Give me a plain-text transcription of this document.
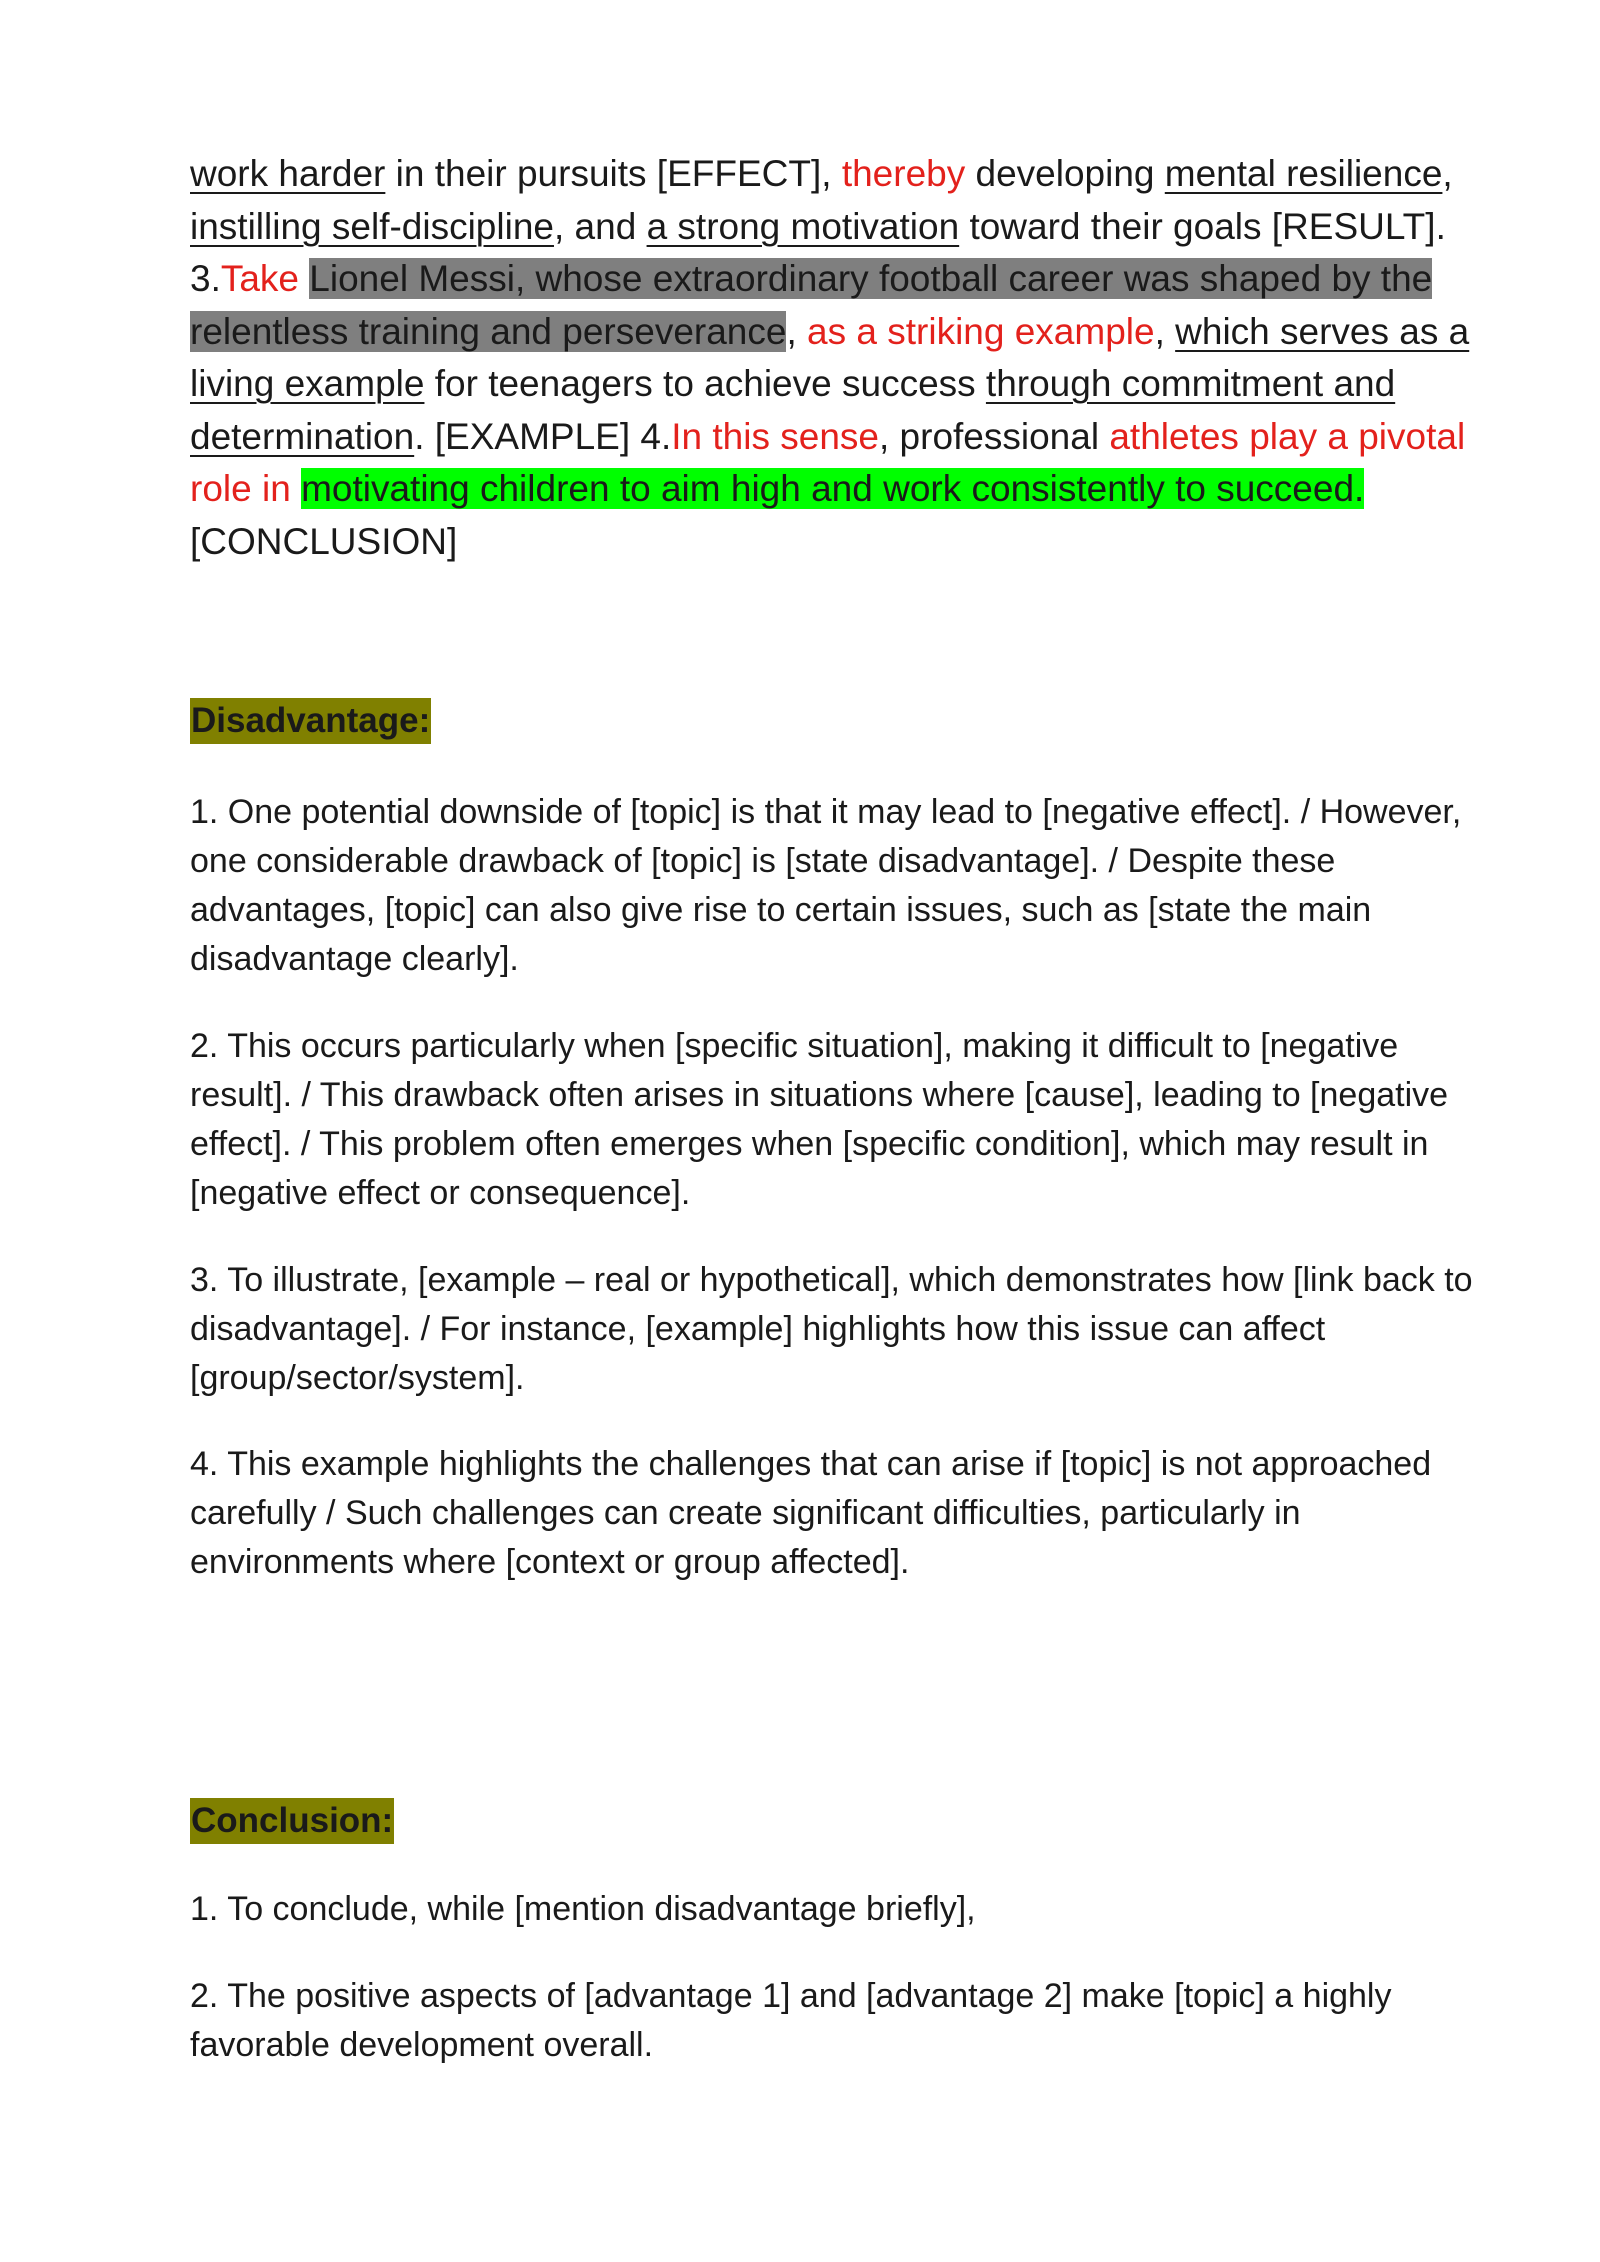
work harder in their pursuits [EFFECT], thereby developing mental resilience, instilling self-discipline, and a strong motivation toward their goals [RESULT]. 3.Take Lionel Messi, whose extraordinary football career was shaped by the relentless training and perseverance, as a striking example, which serves as a living example for teenagers to achieve success through commitment and determination. [EXAMPLE] 4.In this sense, professional athletes play a pivotal role in motivating children to aim high and work consistently to succeed. [CONCLUSION]

Disadvantage:

1. One potential downside of [topic] is that it may lead to [negative effect]. / However, one considerable drawback of [topic] is [state disadvantage]. / Despite these advantages, [topic] can also give rise to certain issues, such as [state the main disadvantage clearly].

2. This occurs particularly when [specific situation], making it difficult to [negative result]. / This drawback often arises in situations where [cause], leading to [negative effect]. / This problem often emerges when [specific condition], which may result in [negative effect or consequence].

3. To illustrate, [example – real or hypothetical], which demonstrates how [link back to disadvantage]. / For instance, [example] highlights how this issue can affect [group/sector/system].

4. This example highlights the challenges that can arise if [topic] is not approached carefully / Such challenges can create significant difficulties, particularly in environments where [context or group affected].

Conclusion:

1. To conclude, while [mention disadvantage briefly],

2. The positive aspects of [advantage 1] and [advantage 2] make [topic] a highly favorable development overall.
